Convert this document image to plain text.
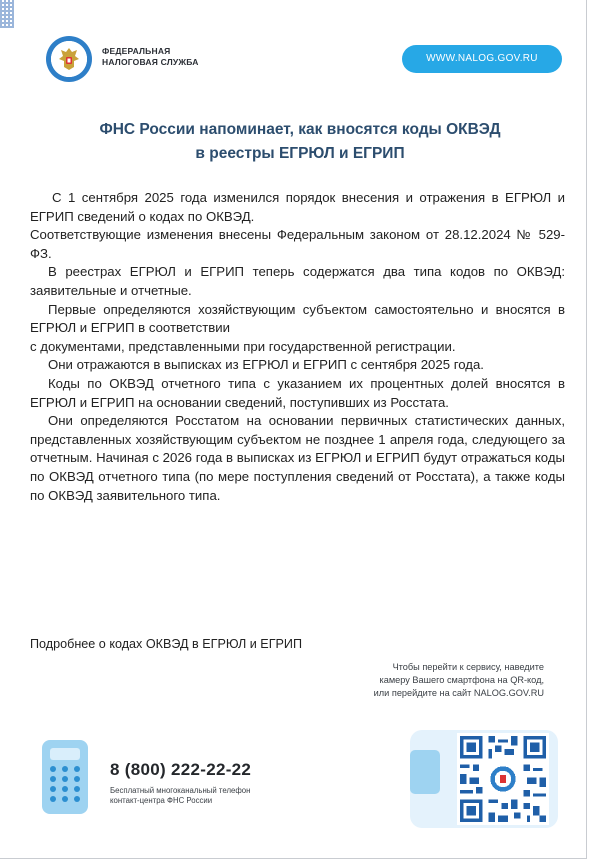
ФЕДЕРАЛЬНАЯ
НАЛОГОВАЯ СЛУЖБА	WWW.NALOG.GOV.RU
ФНС России напоминает, как вносятся коды ОКВЭД
в реестры ЕГРЮЛ и ЕГРИП

С 1 сентября 2025 года изменился порядок внесения и отражения в ЕГРЮЛ и ЕГРИП сведений о кодах по ОКВЭД.

Соответствующие изменения внесены Федеральным законом от 28.12.2024 № 529-ФЗ.

В реестрах ЕГРЮЛ и ЕГРИП теперь содержатся два типа кодов по ОКВЭД: заявительные и отчетные.

Первые определяются хозяйствующим субъектом самостоятельно и вносятся в ЕГРЮЛ и ЕГРИП в соответствии

с документами, представленными при государственной регистрации.

Они отражаются в выписках из ЕГРЮЛ и ЕГРИП с сентября 2025 года.

Коды по ОКВЭД отчетного типа с указанием их процентных долей вносятся в ЕГРЮЛ и ЕГРИП на основании сведений, поступивших из Росстата.

Они определяются Росстатом на основании первичных статистических данных, представленных хозяйствующим субъектом не позднее 1 апреля года, следующего за отчетным. Начиная с 2026 года в выписках из ЕГРЮЛ и ЕГРИП будут отражаться коды по ОКВЭД отчетного типа (по мере поступления сведений от Росстата), а также коды по ОКВЭД заявительного типа.

Подробнее о кодах ОКВЭД в ЕГРЮЛ и ЕГРИП
Чтобы перейти к сервису, наведите
камеру Вашего смартфона на QR-код,
или перейдите на сайт NALOG.GOV.RU
8 (800) 222-22-22
Бесплатный многоканальный телефон
контакт-центра ФНС России
